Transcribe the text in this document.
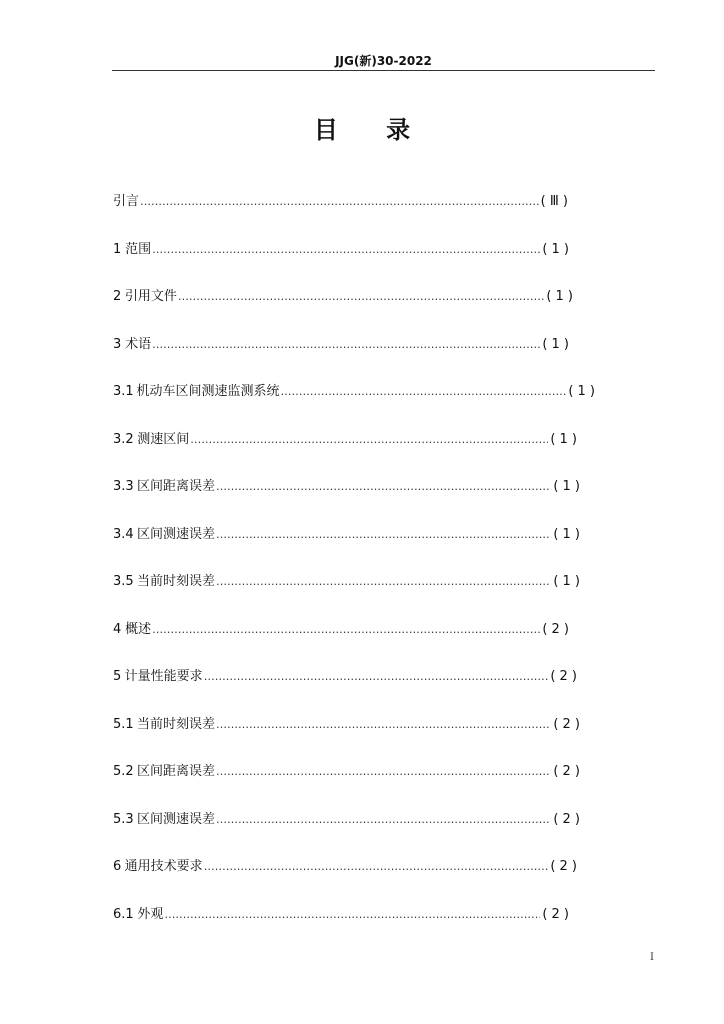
JJG(新)30-2022
目 录
引言 ……………………………………………………………………………………………………………………………………………………………………………………………………	( Ⅲ )
1 范围 ……………………………………………………………………………………………………………………………………………………………………………………………………	( 1 )
2 引用文件 ……………………………………………………………………………………………………………………………………………………………………………………………………	( 1 )
3 术语 ……………………………………………………………………………………………………………………………………………………………………………………………………	( 1 )
3.1 机动车区间测速监测系统 ……………………………………………………………………………………………………………………………………………………………………………………………………	( 1 )
3.2 测速区间 ……………………………………………………………………………………………………………………………………………………………………………………………………	( 1 )
3.3 区间距离误差 ……………………………………………………………………………………………………………………………………………………………………………………………………	( 1 )
3.4 区间测速误差 ……………………………………………………………………………………………………………………………………………………………………………………………………	( 1 )
3.5 当前时刻误差 ……………………………………………………………………………………………………………………………………………………………………………………………………	( 1 )
4 概述 ……………………………………………………………………………………………………………………………………………………………………………………………………	( 2 )
5 计量性能要求 ……………………………………………………………………………………………………………………………………………………………………………………………………	( 2 )
5.1 当前时刻误差 ……………………………………………………………………………………………………………………………………………………………………………………………………	( 2 )
5.2 区间距离误差 ……………………………………………………………………………………………………………………………………………………………………………………………………	( 2 )
5.3 区间测速误差 ……………………………………………………………………………………………………………………………………………………………………………………………………	( 2 )
6 通用技术要求 ……………………………………………………………………………………………………………………………………………………………………………………………………	( 2 )
6.1 外观 ……………………………………………………………………………………………………………………………………………………………………………………………………	( 2 )
I
